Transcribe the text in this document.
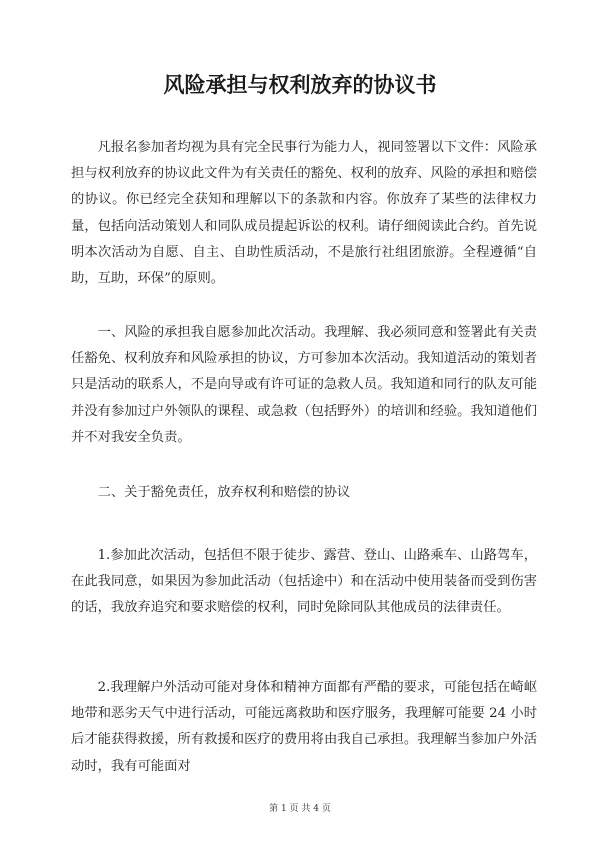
风险承担与权利放弃的协议书

凡报名参加者均视为具有完全民事行为能力人，视同签署以下文件：风险承担与权利放弃的协议此文件为有关责任的豁免、权利的放弃、风险的承担和赔偿的协议。你已经完全获知和理解以下的条款和内容。你放弃了某些的法律权力量，包括向活动策划人和同队成员提起诉讼的权利。请仔细阅读此合约。首先说明本次活动为自愿、自主、自助性质活动，不是旅行社组团旅游。全程遵循“自助，互助，环保”的原则。

一、风险的承担我自愿参加此次活动。我理解、我必须同意和签署此有关责任豁免、权利放弃和风险承担的协议，方可参加本次活动。我知道活动的策划者只是活动的联系人，不是向导或有许可证的急救人员。我知道和同行的队友可能并没有参加过户外领队的课程、或急救（包括野外）的培训和经验。我知道他们并不对我安全负责。

二、关于豁免责任，放弃权利和赔偿的协议

1.参加此次活动，包括但不限于徒步、露营、登山、山路乘车、山路驾车，在此我同意，如果因为参加此活动（包括途中）和在活动中使用装备而受到伤害的话，我放弃追究和要求赔偿的权利，同时免除同队其他成员的法律责任。

2.我理解户外活动可能对身体和精神方面都有严酷的要求，可能包括在崎岖地带和恶劣天气中进行活动，可能远离救助和医疗服务，我理解可能要 24 小时后才能获得救援，所有救援和医疗的费用将由我自己承担。我理解当参加户外活动时，我有可能面对

第 1 页 共 4 页
